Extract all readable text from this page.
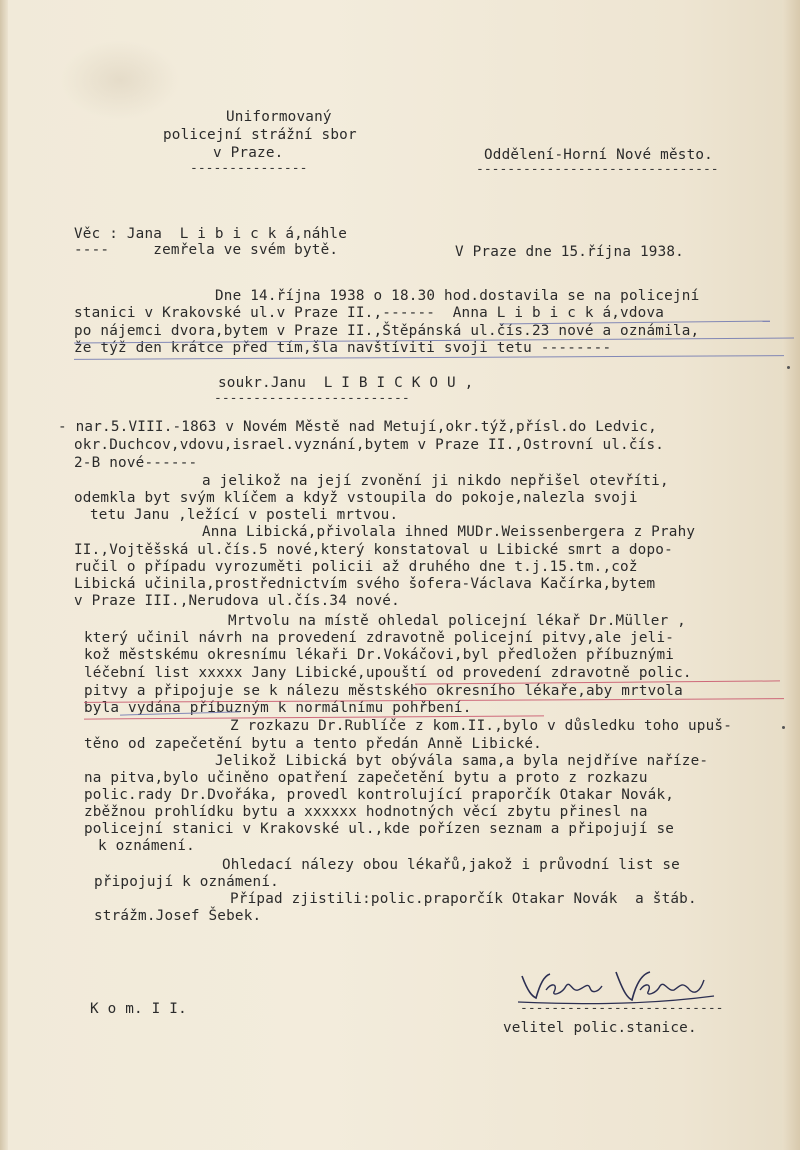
Uniformovaný
policejní strážní sbor
v Praze.
---------------
Oddělení-Horní Nové město.
-------------------------------
Věc : Jana  L i b i c k á,náhle
----     zemřela ve svém bytě.	V Praze dne 15.října 1938.
Dne 14.října 1938 o 18.30 hod.dostavila se na policejní
stanici v Krakovské ul.v Praze II.,------  Anna L i b i c k á,vdova
po nájemci dvora,bytem v Praze II.,Štěpánská ul.čís.23 nové a oznámila,
že týž den krátce před tím,šla navštíviti svoji tetu --------
soukr.Janu  L I B I C K O U ,
-------------------------
- nar.5.VIII.-1863 v Novém Městě nad Metují,okr.týž,přísl.do Ledvic,
okr.Duchcov,vdovu,israel.vyznání,bytem v Praze II.,Ostrovní ul.čís.
2-B nové------
a jelikož na její zvonění ji nikdo nepřišel otevříti,
odemkla byt svým klíčem a když vstoupila do pokoje,nalezla svoji
tetu Janu ,ležící v posteli mrtvou.
Anna Libická,přivolala ihned MUDr.Weissenbergera z Prahy
II.,Vojtěšská ul.čís.5 nové,který konstatoval u Libické smrt a dopo-
ručil o případu vyrozuměti policii až druhého dne t.j.15.tm.,což
Libická učinila,prostřednictvím svého šofera-Václava Kačírka,bytem
v Praze III.,Nerudova ul.čís.34 nové.
Mrtvolu na místě ohledal policejní lékař Dr.Müller ,
který učinil návrh na provedení zdravotně policejní pitvy,ale jeli-
kož městskému okresnímu lékaři Dr.Vokáčovi,byl předložen příbuznými
léčební list xxxxx Jany Libické,upouští od provedení zdravotně polic.
pitvy a připojuje se k nálezu městského okresního lékaře,aby mrtvola
byla vydána příbuzným k normálnímu pohřbení.
Z rozkazu Dr.Rublíče z kom.II.,bylo v důsledku toho upuš-
těno od zapečetění bytu a tento předán Anně Libické.
Jelikož Libická byt obývála sama,a byla nejdříve naříze-
na pitva,bylo učiněno opatření zapečetění bytu a proto z rozkazu
polic.rady Dr.Dvořáka, provedl kontrolující praporčík Otakar Novák,
zběžnou prohlídku bytu a xxxxxx hodnotných věcí zbytu přinesl na
policejní stanici v Krakovské ul.,kde pořízen seznam a připojují se
k oznámení.
Ohledací nálezy obou lékařů,jakož i průvodní list se
připojují k oznámení.
Případ zjistili:polic.praporčík Otakar Novák  a štáb.
strážm.Josef Šebek.
K o m. I I.	--------------------------
velitel polic.stanice.
